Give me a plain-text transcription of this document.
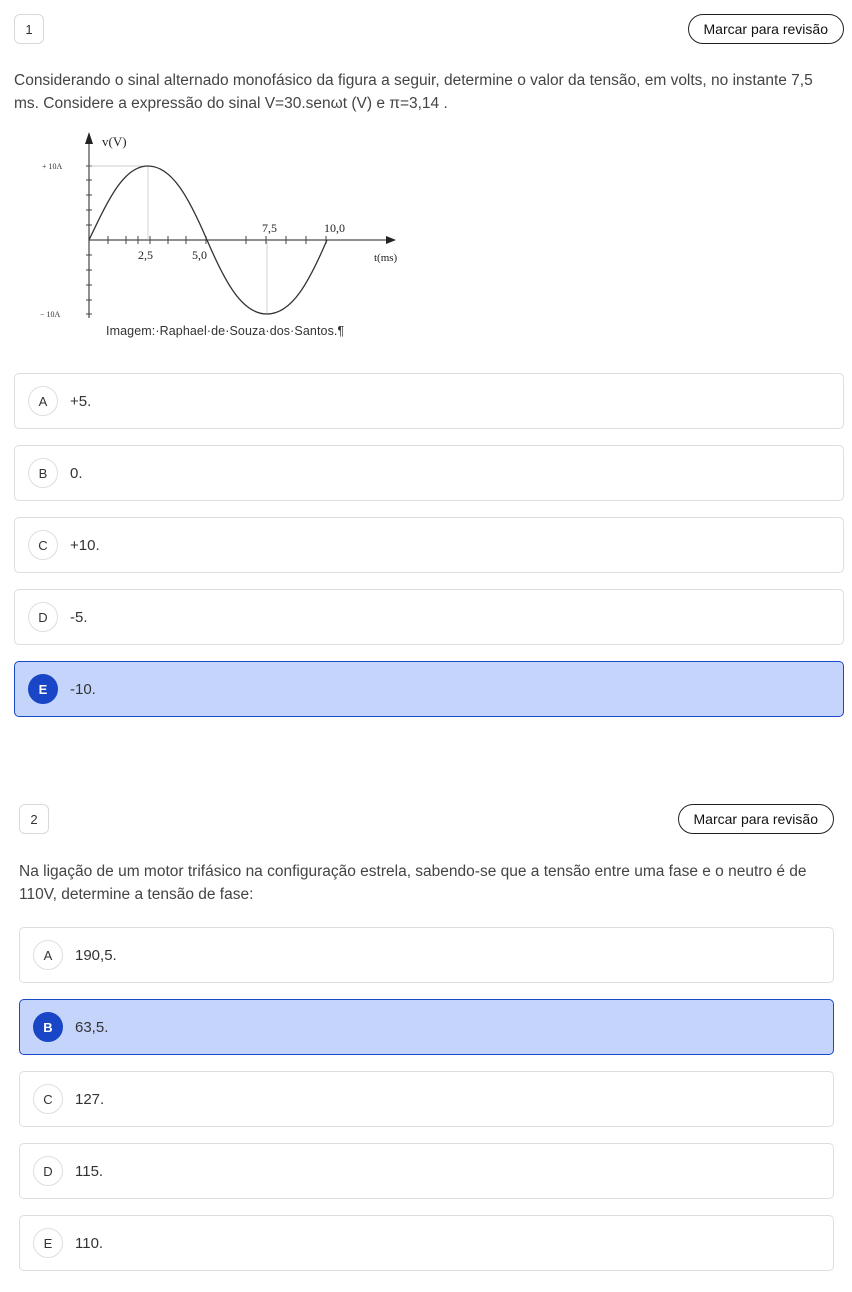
1	Marcar para revisão

Considerando o sinal alternado monofásico da figura a seguir, determine o valor da tensão, em volts, no instante 7,5 ms. Considere a expressão do sinal V=30.senωt (V) e π=3,14 .

v(V)
+ 10A
− 10A
2,5	5,0
7,5	10,0
t(ms)
Imagem:·Raphael·de·Souza·dos·Santos.¶
A	+5.
B	0.
C	+10.
D	-5.
E	-10.
2	Marcar para revisão

Na ligação de um motor trifásico na configuração estrela, sabendo-se que a tensão entre uma fase e o neutro é de 110V, determine a tensão de fase:

A	190,5.
B	63,5.
C	127.
D	115.
E	110.
